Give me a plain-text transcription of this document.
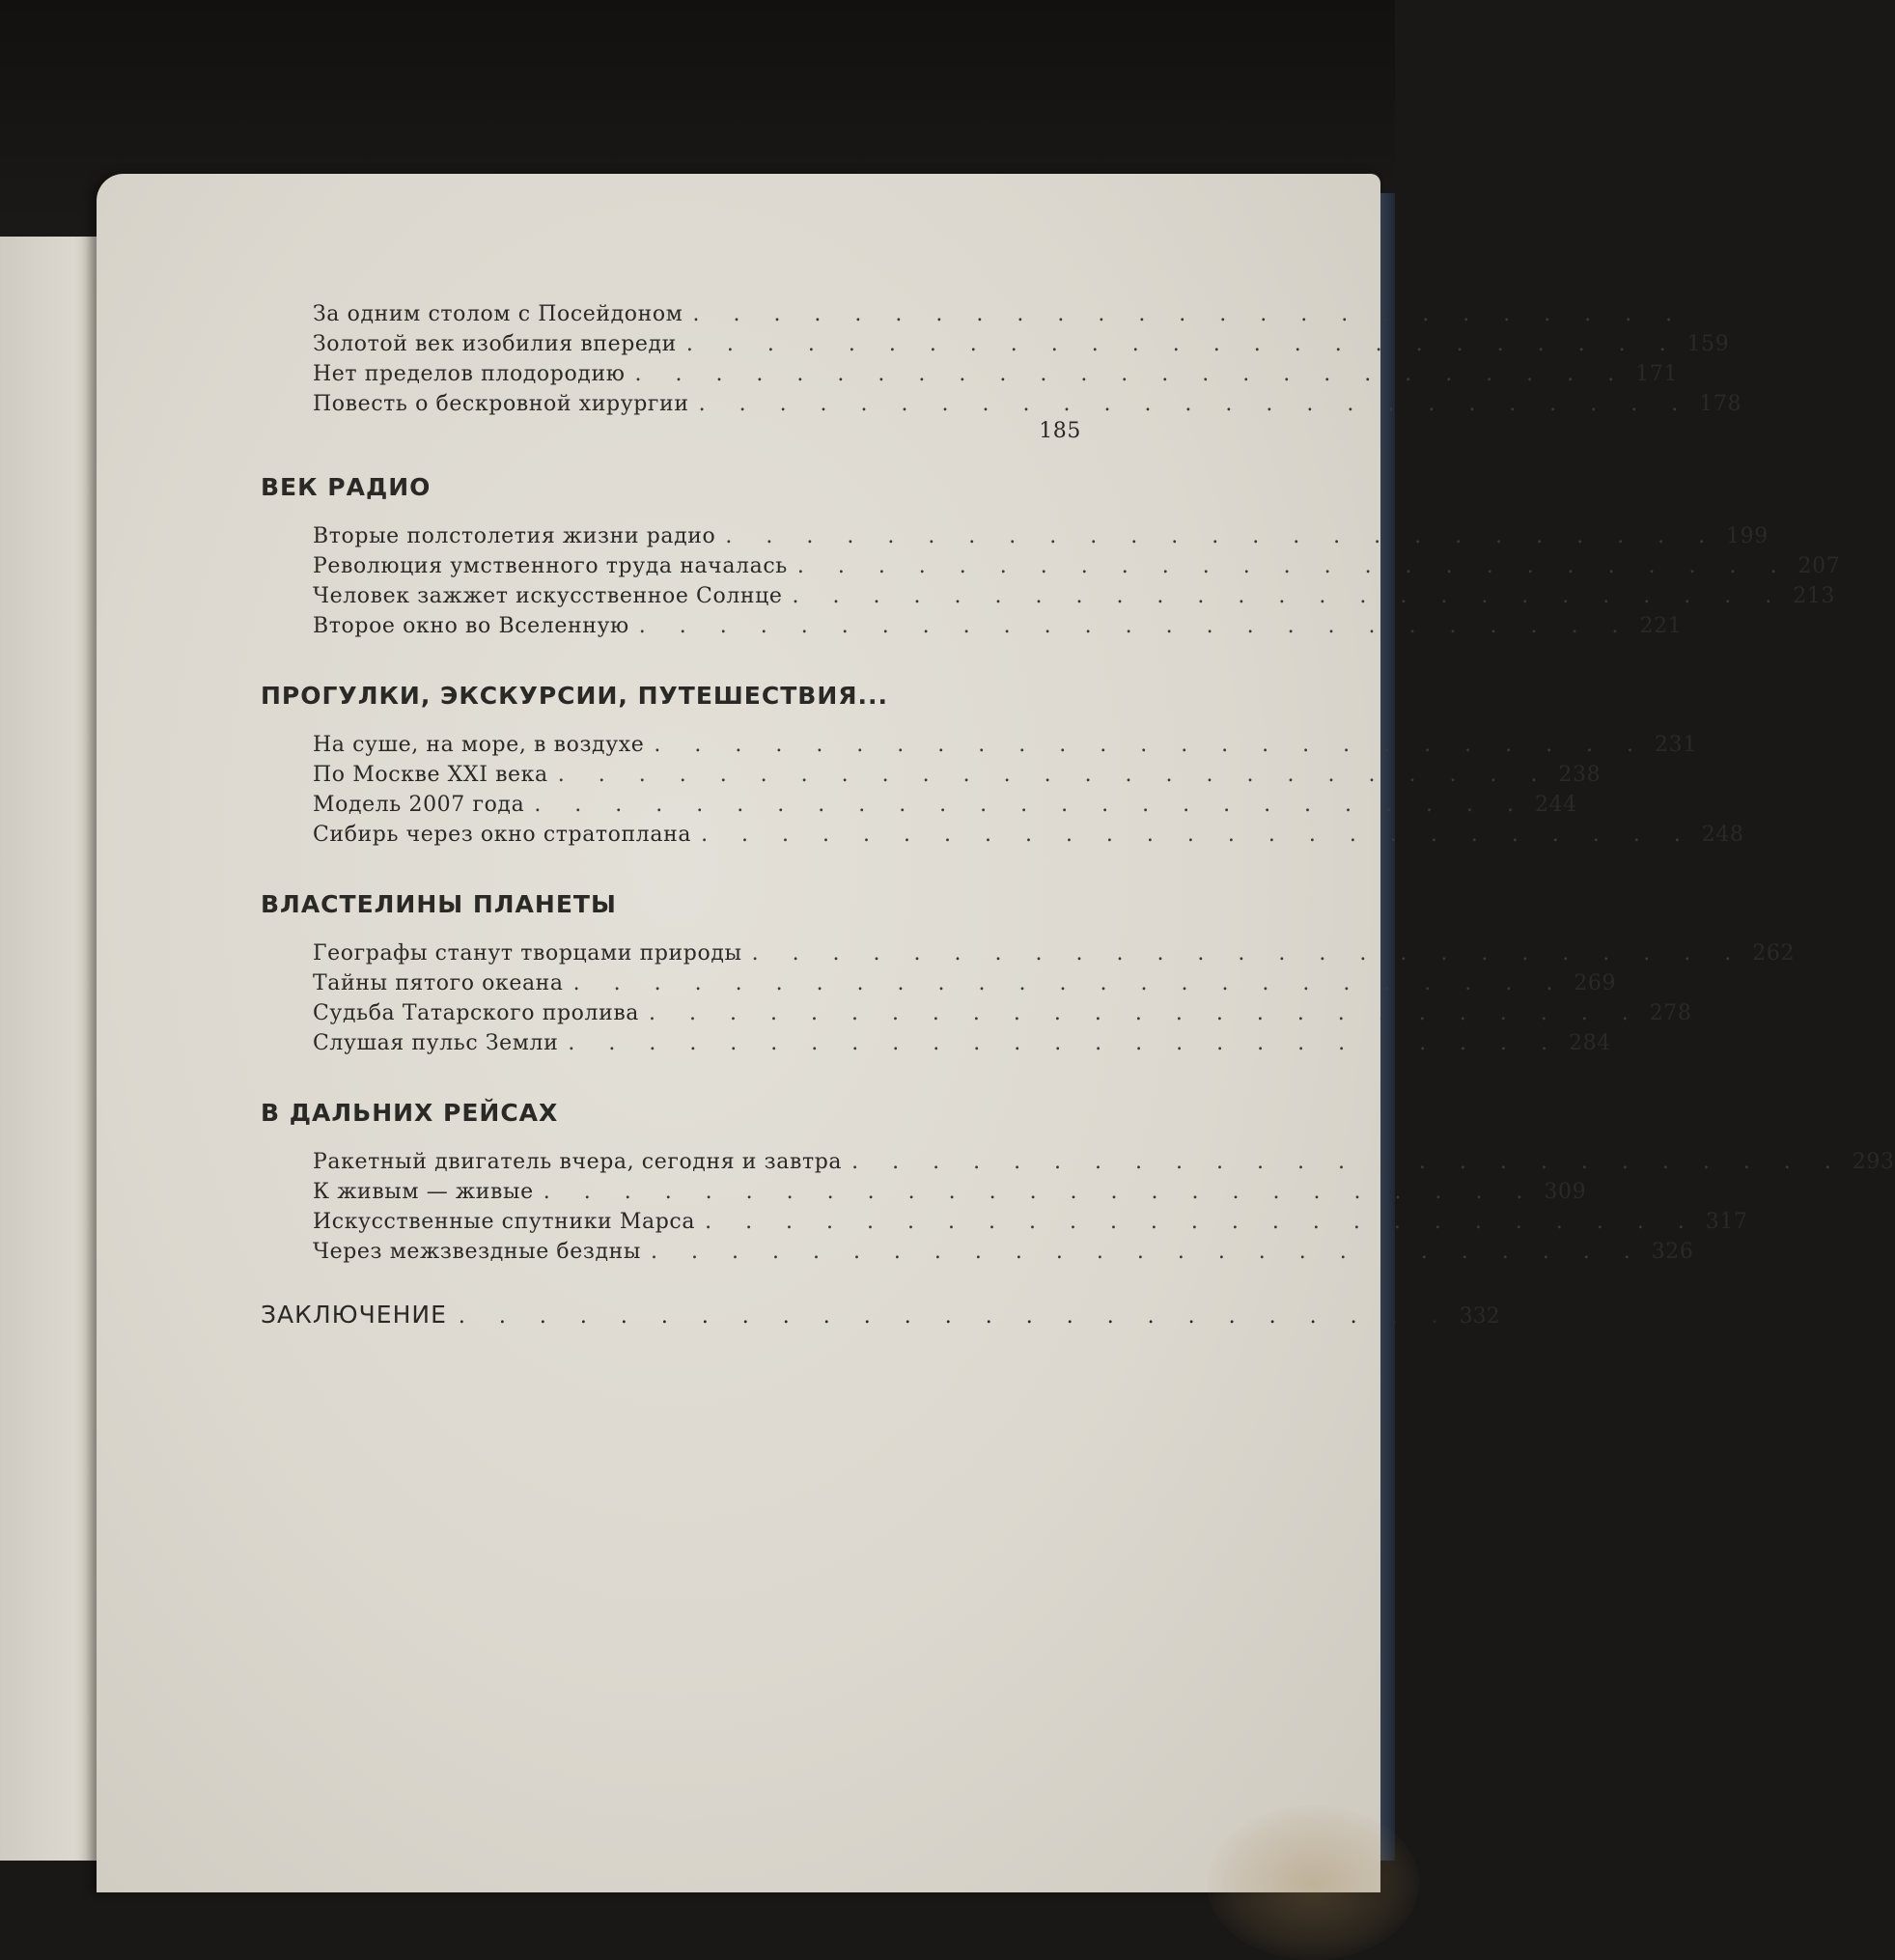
За одним столом с Посейдоном . . . . . . . . . . . . . . . . . . . . . . . . .
Золотой век изобилия впереди . . . . . . . . . . . . . . . . . . . . . . . . . 159
Нет пределов плодородию . . . . . . . . . . . . . . . . . . . . . . . . . 171
Повесть о бескровной хирургии . . . . . . . . . . . . . . . . . . . . . . . . . 178
185
ВЕК РАДИО
Вторые полстолетия жизни радио . . . . . . . . . . . . . . . . . . . . . . . . . 199
Революция умственного труда началась . . . . . . . . . . . . . . . . . . . . . . . . . 207
Человек зажжет искусственное Солнце . . . . . . . . . . . . . . . . . . . . . . . . . 213
Второе окно во Вселенную . . . . . . . . . . . . . . . . . . . . . . . . . 221
ПРОГУЛКИ, ЭКСКУРСИИ, ПУТЕШЕСТВИЯ...
На суше, на море, в воздухе . . . . . . . . . . . . . . . . . . . . . . . . . 231
По Москве XXI века . . . . . . . . . . . . . . . . . . . . . . . . . 238
Модель 2007 года . . . . . . . . . . . . . . . . . . . . . . . . . 244
Сибирь через окно стратоплана . . . . . . . . . . . . . . . . . . . . . . . . . 248
ВЛАСТЕЛИНЫ ПЛАНЕТЫ
Географы станут творцами природы . . . . . . . . . . . . . . . . . . . . . . . . . 262
Тайны пятого океана . . . . . . . . . . . . . . . . . . . . . . . . . 269
Судьба Татарского пролива . . . . . . . . . . . . . . . . . . . . . . . . . 278
Слушая пульс Земли . . . . . . . . . . . . . . . . . . . . . . . . . 284
В ДАЛЬНИХ РЕЙСАХ
Ракетный двигатель вчера, сегодня и завтра . . . . . . . . . . . . . . . . . . . . . . . . . 293
К живым — живые . . . . . . . . . . . . . . . . . . . . . . . . . 309
Искусственные спутники Марса . . . . . . . . . . . . . . . . . . . . . . . . . 317
Через межзвездные бездны . . . . . . . . . . . . . . . . . . . . . . . . . 326
ЗАКЛЮЧЕНИЕ . . . . . . . . . . . . . . . . . . . . . . . . . 332
